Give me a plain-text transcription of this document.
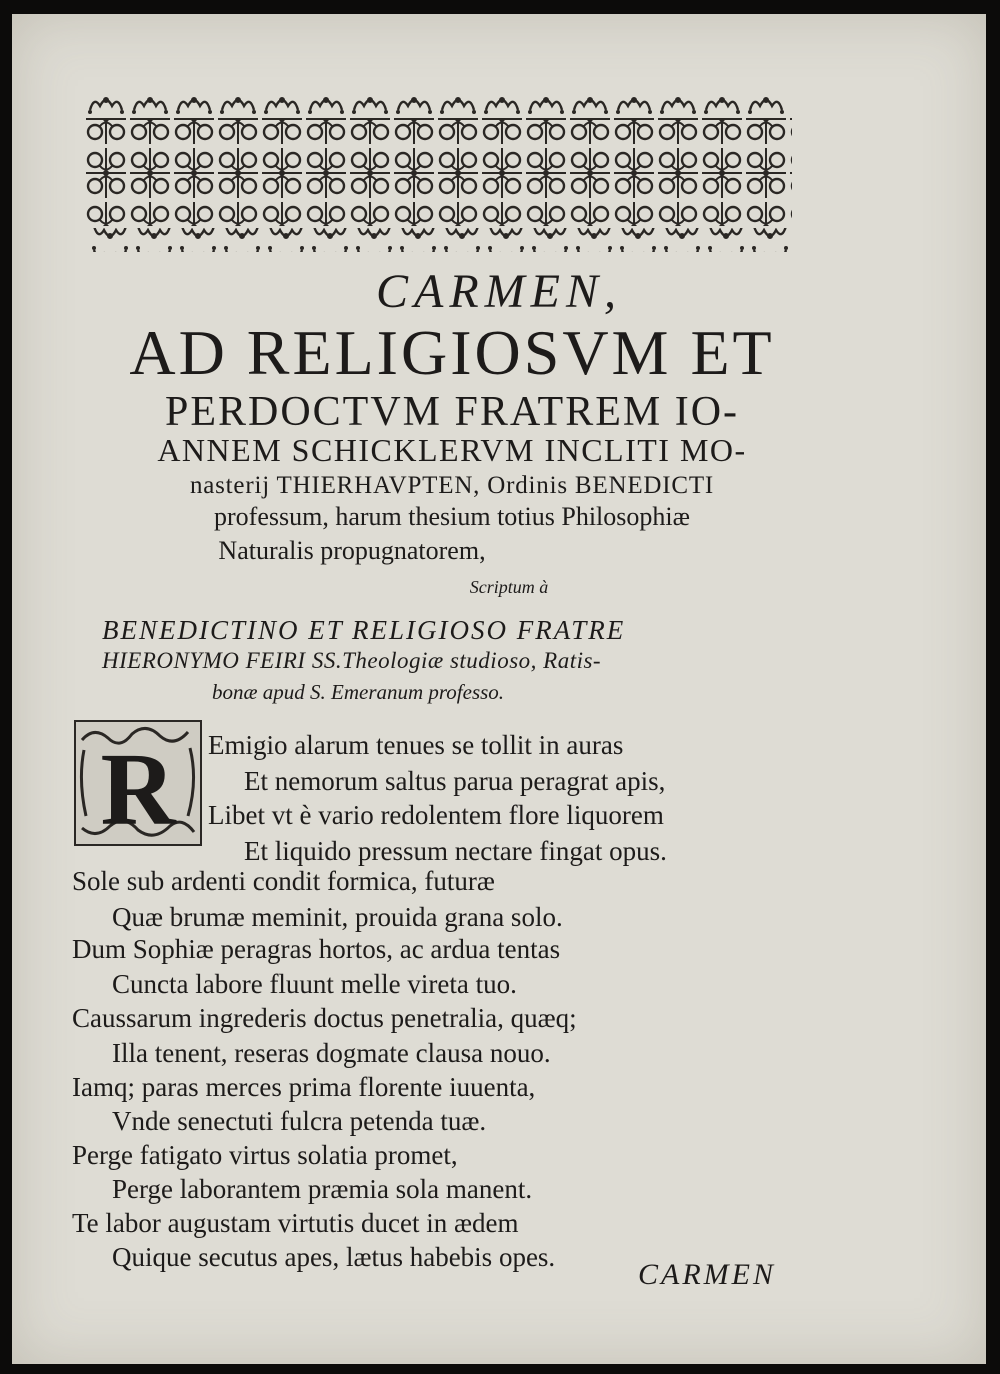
CARMEN,
AD RELIGIOSVM ET
PERDOCTVM FRATREM IO-
ANNEM SCHICKLERVM INCLITI MO-
nasterij THIERHAVPTEN, Ordinis BENEDICTI
professum, harum thesium totius Philosophiæ
Naturalis propugnatorem,
Scriptum à
BENEDICTINO ET RELIGIOSO FRATRE
HIERONYMO FEIRI SS.Theologiæ studioso, Ratis-
bonæ apud S. Emeranum professo.
R Emigio alarum tenues se tollit in auras
Et nemorum saltus parua peragrat apis,
Libet vt è vario redolentem flore liquorem
Et liquido pressum nectare fingat opus.
Sole sub ardenti condit formica, futuræ
Quæ brumæ meminit, prouida grana solo.
Dum Sophiæ peragras hortos, ac ardua tentas
Cuncta labore fluunt melle vireta tuo.
Caussarum ingrederis doctus penetralia, quæq;
Illa tenent, reseras dogmate clausa nouo.
Iamq; paras merces prima florente iuuenta,
Vnde senectuti fulcra petenda tuæ.
Perge fatigato virtus solatia promet,
Perge laborantem præmia sola manent.
Te labor augustam virtutis ducet in ædem
Quique secutus apes, lætus habebis opes.
CARMEN
